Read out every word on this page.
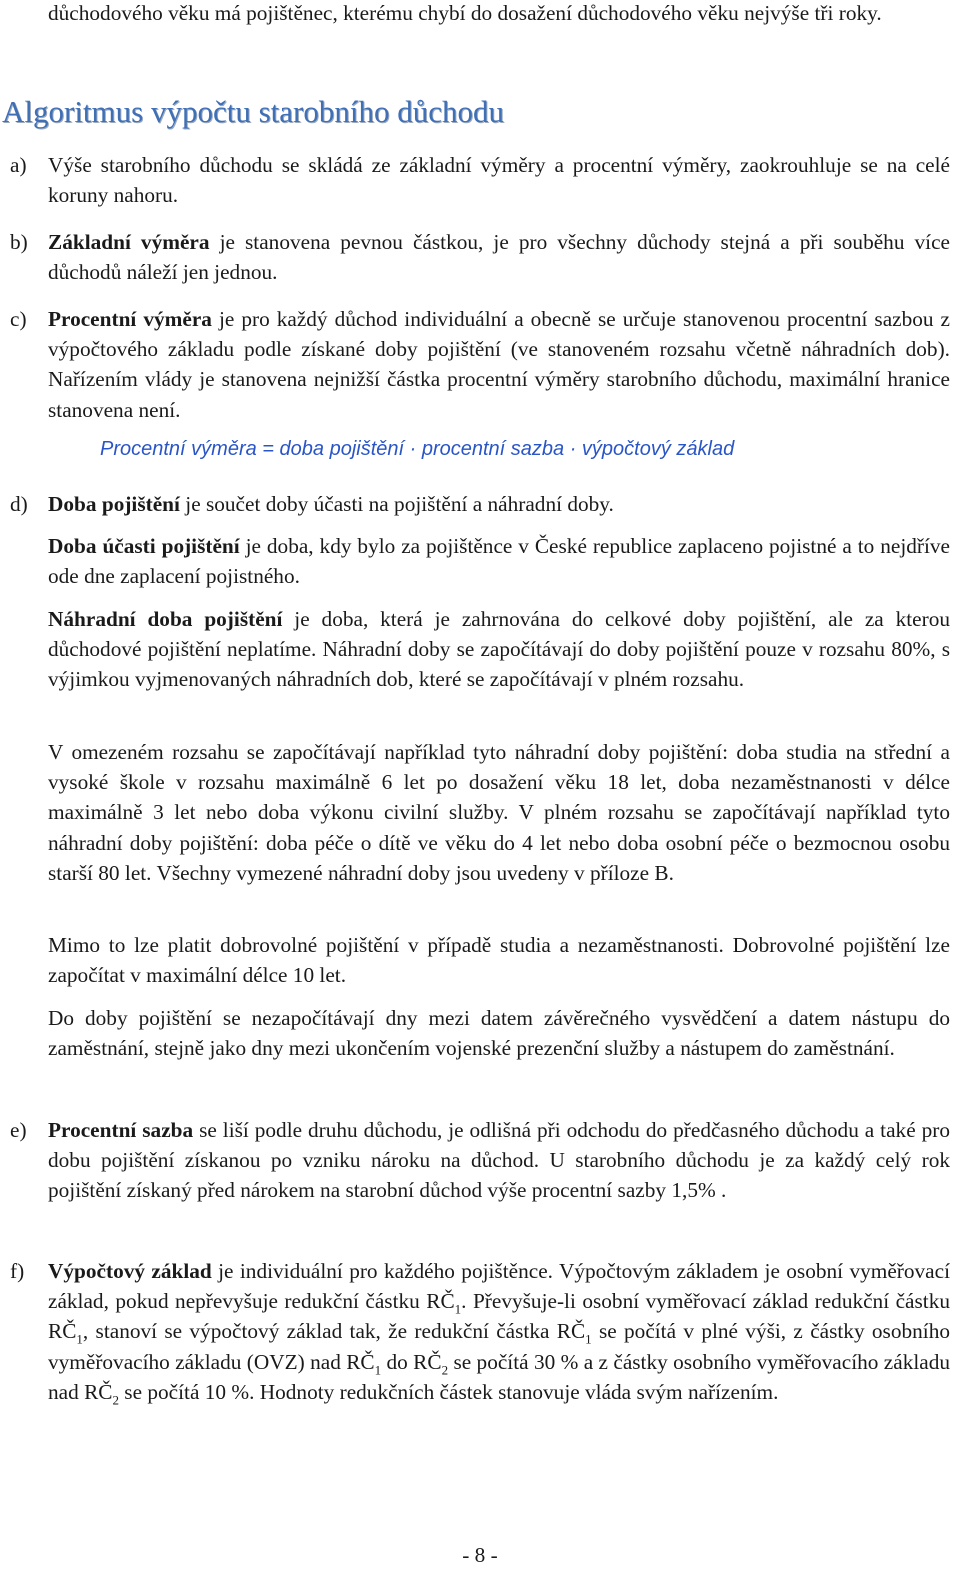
důchodového věku má pojištěnec, kterému chybí do dosažení důchodového věku nejvýše tři roky.

Algoritmus výpočtu starobního důchodu
a)	Výše starobního důchodu se skládá ze základní výměry a procentní výměry, zaokrouhluje se na celé koruny nahoru.

b) Základní výměra je stanovena pevnou částkou, je pro všechny důchody stejná a při souběhu více důchodů náleží jen jednou.

c)	Procentní výměra je pro každý důchod individuální a obecně se určuje stanovenou procentní sazbou z výpočtového základu podle získané doby pojištění (ve stanoveném rozsahu včetně náhradních dob). Nařízením vlády je stanovena nejnižší částka procentní výměry starobního důchodu, maximální hranice stanovena není.

Procentní výměra = doba pojištění · procentní sazba · výpočtový základ
d) Doba pojištění je součet doby účasti na pojištění a náhradní doby.

Doba účasti pojištění je doba, kdy bylo za pojištěnce v České republice zaplaceno pojistné a to nejdříve ode dne zaplacení pojistného.

Náhradní doba pojištění je doba, která je zahrnována do celkové doby pojištění, ale za kterou důchodové pojištění neplatíme. Náhradní doby se započítávají do doby pojištění pouze v rozsahu 80%, s výjimkou vyjmenovaných náhradních dob, které se započítávají v plném rozsahu.

V omezeném rozsahu se započítávají například tyto náhradní doby pojištění: doba studia na střední a vysoké škole v rozsahu maximálně 6 let po dosažení věku 18 let, doba nezaměstnanosti v délce maximálně 3 let nebo doba výkonu civilní služby. V plném rozsahu se započítávají například tyto náhradní doby pojištění: doba péče o dítě ve věku do 4 let nebo doba osobní péče o bezmocnou osobu starší 80 let. Všechny vymezené náhradní doby jsou uvedeny v příloze B.

Mimo to lze platit dobrovolné pojištění v případě studia a nezaměstnanosti. Dobrovolné pojištění lze započítat v maximální délce 10 let.

Do doby pojištění se nezapočítávají dny mezi datem závěrečného vysvědčení a datem nástupu do zaměstnání, stejně jako dny mezi ukončením vojenské prezenční služby a nástupem do zaměstnání.

e)	Procentní sazba se liší podle druhu důchodu, je odlišná při odchodu do předčasného důchodu a také pro dobu pojištění získanou po vzniku nároku na důchod. U starobního důchodu je za každý celý rok pojištění získaný před nárokem na starobní důchod výše procentní sazby 1,5% .

f)	Výpočtový základ je individuální pro každého pojištěnce. Výpočtovým základem je osobní vyměřovací základ, pokud nepřevyšuje redukční částku $RČ_1$. Převyšuje-li osobní vyměřovací základ redukční částku $RČ_1$, stanoví se výpočtový základ tak, že redukční částka $RČ_1$ se počítá v plné výši, z částky osobního vyměřovacího základu (OVZ) nad $RČ_1$ do $RČ_2$ se počítá 30 % a z částky osobního vyměřovacího základu nad $RČ_2$ se počítá 10 %. Hodnoty redukčních částek stanovuje vláda svým nařízením.

- 8 -
